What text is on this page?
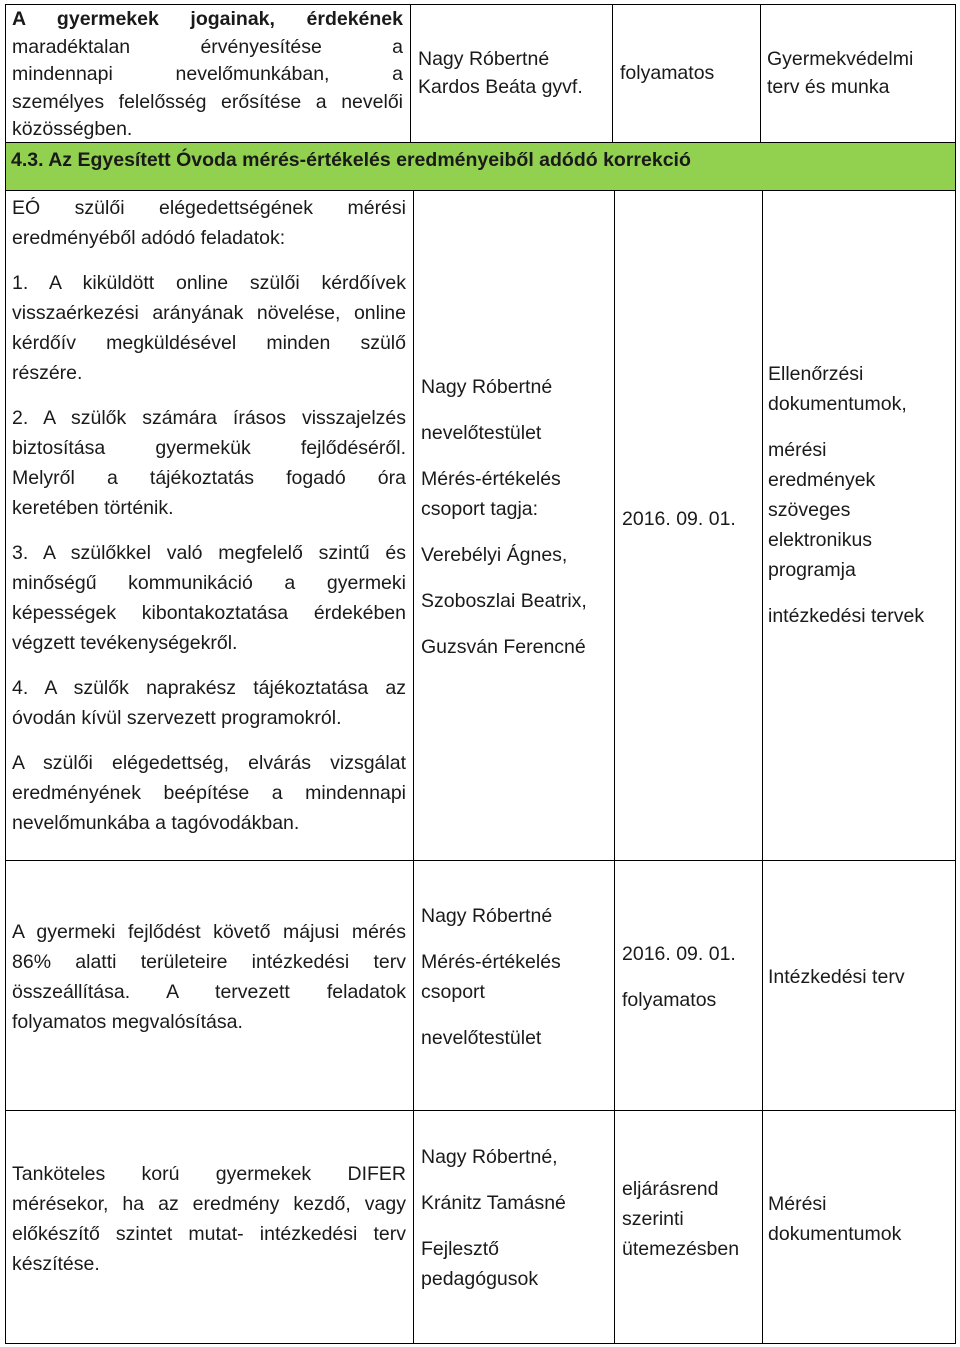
4.3. Az Egyesített Óvoda mérés-értékelés eredményeiből adódó korrekció

A gyermekek jogainak, érdekének

maradéktalan érvényesítése a

mindennapi nevelőmunkában, a

személyes felelősség erősítése a nevelői

közösségben.

Nagy Róbertné

Kardos Beáta gyvf.

folyamatos

Gyermekvédelmi

terv és munka

EÓ szülői elégedettségének mérési

eredményéből adódó feladatok:

1. A kiküldött online szülői kérdőívek

visszaérkezési arányának növelése, online

kérdőív megküldésével minden szülő

részére.

2. A szülők számára írásos visszajelzés

biztosítása gyermekük fejlődéséről.

Melyről a tájékoztatás fogadó óra

keretében történik.

3. A szülőkkel való megfelelő szintű és

minőségű kommunikáció a gyermeki

képességek kibontakoztatása érdekében

végzett tevékenységekről.

4. A szülők naprakész tájékoztatása az

óvodán kívül szervezett programokról.

A szülői elégedettség, elvárás vizsgálat

eredményének beépítése a mindennapi

nevelőmunkába a tagóvodákban.

Nagy Róbertné

nevelőtestület

Mérés-értékelés

csoport tagja:

Verebélyi Ágnes,

Szoboszlai Beatrix,

Guzsván Ferencné

2016. 09. 01.

Ellenőrzési

dokumentumok,

mérési

eredmények

szöveges

elektronikus

programja

intézkedési tervek

A gyermeki fejlődést követő májusi mérés

86% alatti területeire intézkedési terv

összeállítása. A tervezett feladatok

folyamatos megvalósítása.

Nagy Róbertné

Mérés-értékelés

csoport

nevelőtestület

2016. 09. 01.

folyamatos

Intézkedési terv

Tanköteles korú gyermekek DIFER

mérésekor, ha az eredmény kezdő, vagy

előkészítő szintet mutat- intézkedési terv

készítése.

Nagy Róbertné,

Kránitz Tamásné

Fejlesztő

pedagógusok

eljárásrend

szerinti

ütemezésben

Mérési

dokumentumok
